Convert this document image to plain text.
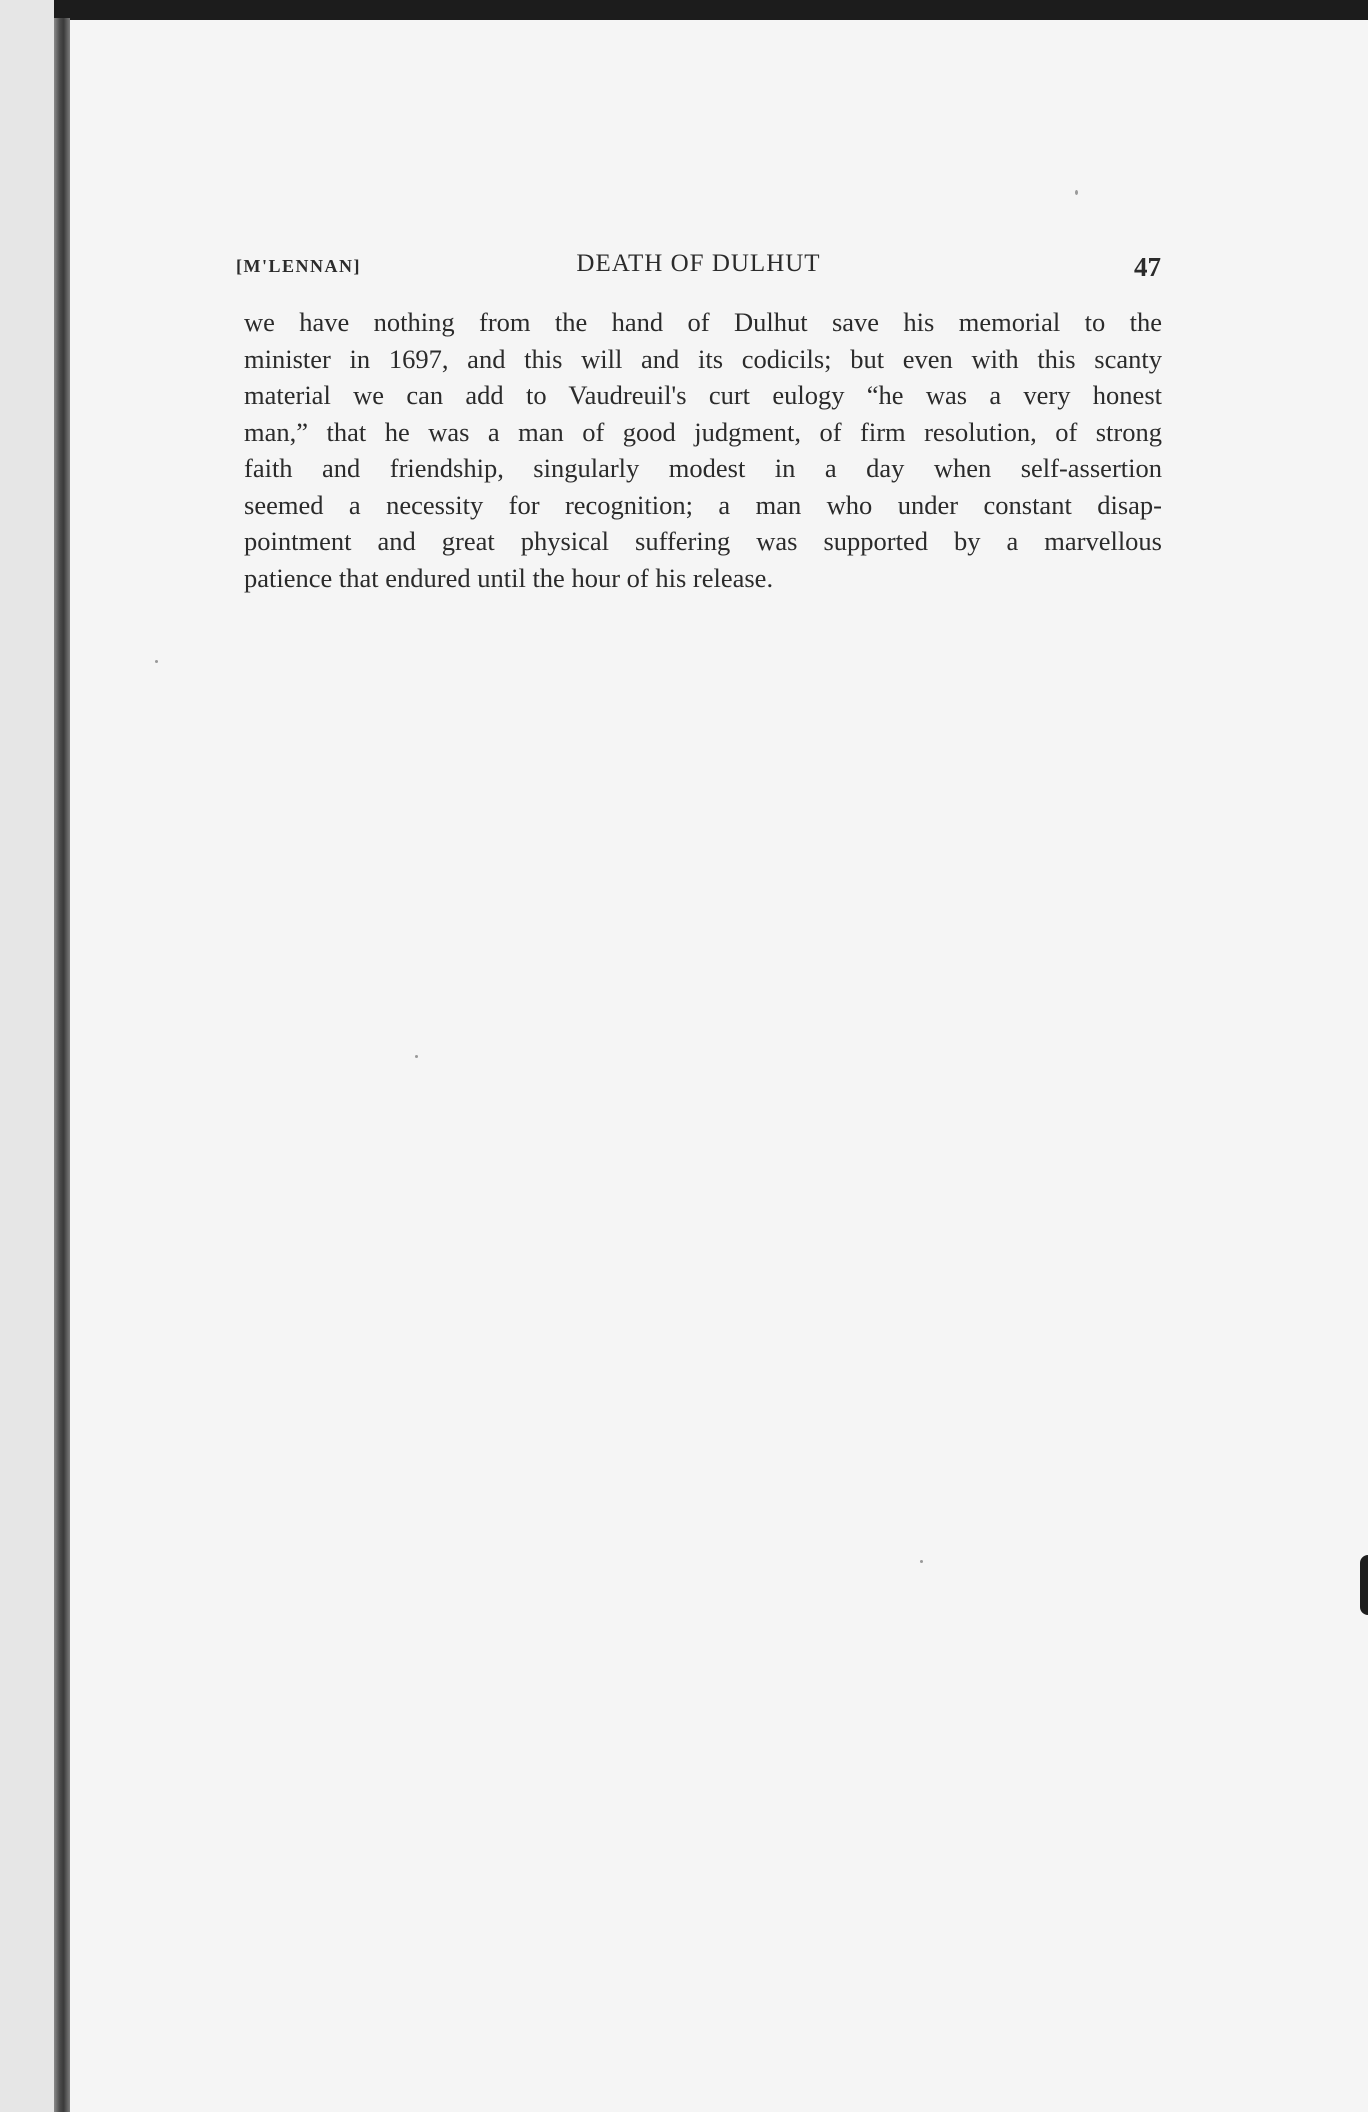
[M'LENNAN]	DEATH OF DULHUT	47
we have nothing from the hand of Dulhut save his memorial to the
minister in 1697, and this will and its codicils; but even with this scanty
material we can add to Vaudreuil's curt eulogy “he was a very honest
man,” that he was a man of good judgment, of firm resolution, of strong
faith and friendship, singularly modest in a day when self-assertion
seemed a necessity for recognition; a man who under constant disap-
pointment and great physical suffering was supported by a marvellous
patience that endured until the hour of his release.
